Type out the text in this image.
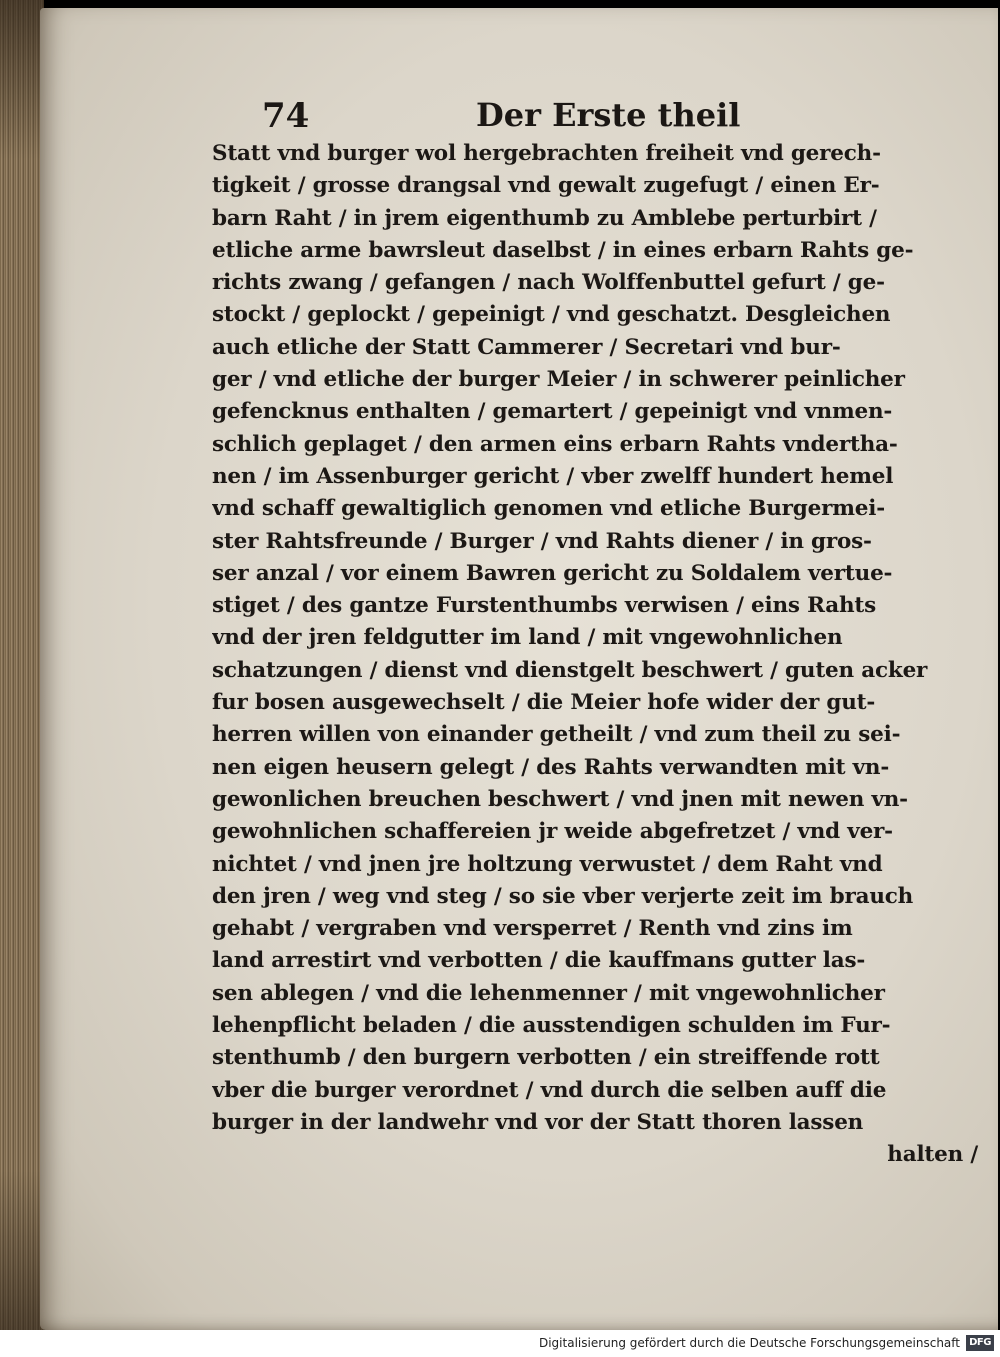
74	Der Erste theil
Statt vnd burger wol hergebrachten freiheit vnd gerech-
tigkeit / grosse drangsal vnd gewalt zugefugt / einen Er-
barn Raht / in jrem eigenthumb zu Amblebe perturbirt /
etliche arme bawrsleut daselbst / in eines erbarn Rahts ge-
richts zwang / gefangen / nach Wolffenbuttel gefurt / ge-
stockt / geplockt / gepeinigt / vnd geschatzt. Desgleichen
auch etliche der Statt Cammerer / Secretari vnd bur-
ger / vnd etliche der burger Meier / in schwerer peinlicher
gefencknus enthalten / gemartert / gepeinigt vnd vnmen-
schlich geplaget / den armen eins erbarn Rahts vndertha-
nen / im Assenburger gericht / vber zwelff hundert hemel
vnd schaff gewaltiglich genomen vnd etliche Burgermei-
ster Rahtsfreunde / Burger / vnd Rahts diener / in gros-
ser anzal / vor einem Bawren gericht zu Soldalem vertue-
stiget / des gantze Furstenthumbs verwisen / eins Rahts
vnd der jren feldgutter im land / mit vngewohnlichen
schatzungen / dienst vnd dienstgelt beschwert / guten acker
fur bosen ausgewechselt / die Meier hofe wider der gut-
herren willen von einander getheilt / vnd zum theil zu sei-
nen eigen heusern gelegt / des Rahts verwandten mit vn-
gewonlichen breuchen beschwert / vnd jnen mit newen vn-
gewohnlichen schaffereien jr weide abgefretzet / vnd ver-
nichtet / vnd jnen jre holtzung verwustet / dem Raht vnd
den jren / weg vnd steg / so sie vber verjerte zeit im brauch
gehabt / vergraben vnd versperret / Renth vnd zins im
land arrestirt vnd verbotten / die kauffmans gutter las-
sen ablegen / vnd die lehenmenner / mit vngewohnlicher
lehenpflicht beladen / die ausstendigen schulden im Fur-
stenthumb / den burgern verbotten / ein streiffende rott
vber die burger verordnet / vnd durch die selben auff die
burger in der landwehr vnd vor der Statt thoren lassen
halten /
Digitalisierung gefördert durch die Deutsche Forschungsgemeinschaft DFG
